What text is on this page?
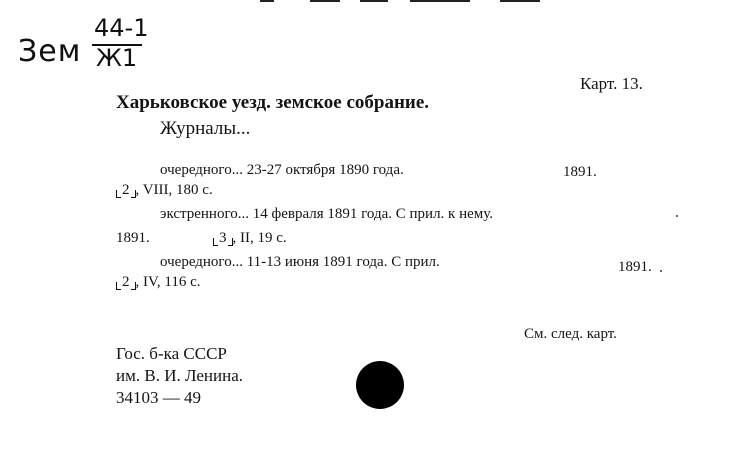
Зем
44-1
Ж1
Карт. 13.
Харьковское уезд. земское собрание.
Журналы...
очередного... 23-27 октября 1890 года.	1891.
2 , VIII, 180 с.
экстренного... 14 февраля 1891 года. С прил. к нему.
1891.	3 , II, 19 с.
очередного... 11-13 июня 1891 года. С прил.	1891.
2 , IV, 116 с.
См. след. карт.
Гос. б-ка СССР
им. В. И. Ленина.
34103 — 49
